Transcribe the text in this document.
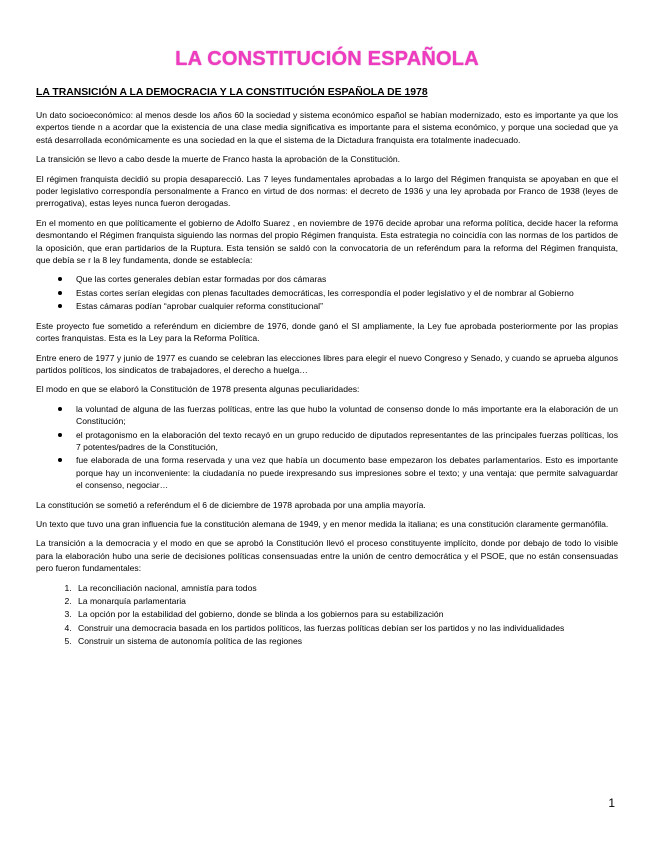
LA CONSTITUCIÓN ESPAÑOLA
LA TRANSICIÓN A LA DEMOCRACIA Y LA CONSTITUCIÓN ESPAÑOLA DE 1978

Un dato socioeconómico: al menos desde los años 60 la sociedad y sistema económico español se habían modernizado, esto es importante ya que los expertos tiende n a acordar que la existencia de una clase media significativa es importante para el sistema económico, y porque una sociedad que ya está desarrollada económicamente es una sociedad en la que el sistema de la Dictadura franquista era totalmente inadecuado.

La transición se llevo a cabo desde la muerte de Franco hasta la aprobación de la Constitución.

El régimen franquista decidió su propia desaparecció. Las 7 leyes fundamentales aprobadas a lo largo del Régimen franquista se apoyaban en que el poder legislativo correspondía personalmente a Franco en virtud de dos normas: el decreto de 1936 y una ley aprobada por Franco de 1938 (leyes de prerrogativa), estas leyes nunca fueron derogadas.

En el momento en que políticamente el gobierno de Adolfo Suarez , en noviembre de 1976 decide aprobar una reforma política, decide hacer la reforma desmontando el Régimen franquista siguiendo las normas del propio Régimen franquista. Esta estrategia no coincidía con las normas de los partidos de la oposición, que eran partidarios de la Ruptura. Esta tensión se saldó con la convocatoria de un referéndum para la reforma del Régimen franquista, que debía se r la 8 ley fundamenta, donde se establecía:

Que las cortes generales debían estar formadas por dos cámaras
Estas cortes serían elegidas con plenas facultades democráticas, les correspondía el poder legislativo y el de nombrar al Gobierno
Estas cámaras podían “aprobar cualquier reforma constitucional”

Este proyecto fue sometido a referéndum en diciembre de 1976, donde ganó el SI ampliamente, la Ley fue aprobada posteriormente por las propias cortes franquistas. Esta es la Ley para la Reforma Política.

Entre enero de 1977 y junio de 1977 es cuando se celebran las elecciones libres para elegir el nuevo Congreso y Senado, y cuando se aprueba algunos partidos políticos, los sindicatos de trabajadores, el derecho a huelga…

El modo en que se elaboró la Constitución de 1978 presenta algunas peculiaridades:

la voluntad de alguna de las fuerzas políticas, entre las que hubo la voluntad de consenso donde lo más importante era la elaboración de un Constitución;
el protagonismo en la elaboración del texto recayó en un grupo reducido de diputados representantes de las principales fuerzas políticas, los 7 potentes/padres de la Constitución,
fue elaborada de una forma reservada y una vez que había un documento base empezaron los debates parlamentarios. Esto es importante porque hay un inconveniente: la ciudadanía no puede irexpresando sus impresiones sobre el texto; y una ventaja: que permite salvaguardar el consenso, negociar…

La constitución se sometió a referéndum el 6 de diciembre de 1978 aprobada por una amplia mayoría.

Un texto que tuvo una gran influencia fue la constitución alemana de 1949, y en menor medida la italiana; es una constitución claramente germanófila.

La transición a la democracia y el modo en que se aprobó la Constitución llevó el proceso constituyente implícito, donde por debajo de todo lo visible para la elaboración hubo una serie de decisiones políticas consensuadas entre la unión de centro democrática y el PSOE, que no están consensuadas pero fueron fundamentales:

1. La reconciliación nacional, amnistía para todos
2. La monarquía parlamentaria
3. La opción por la estabilidad del gobierno, donde se blinda a los gobiernos para su estabilización
4. Construir una democracia basada en los partidos políticos, las fuerzas políticas debían ser los partidos y no las individualidades
5. Construir un sistema de autonomía política de las regiones
1
